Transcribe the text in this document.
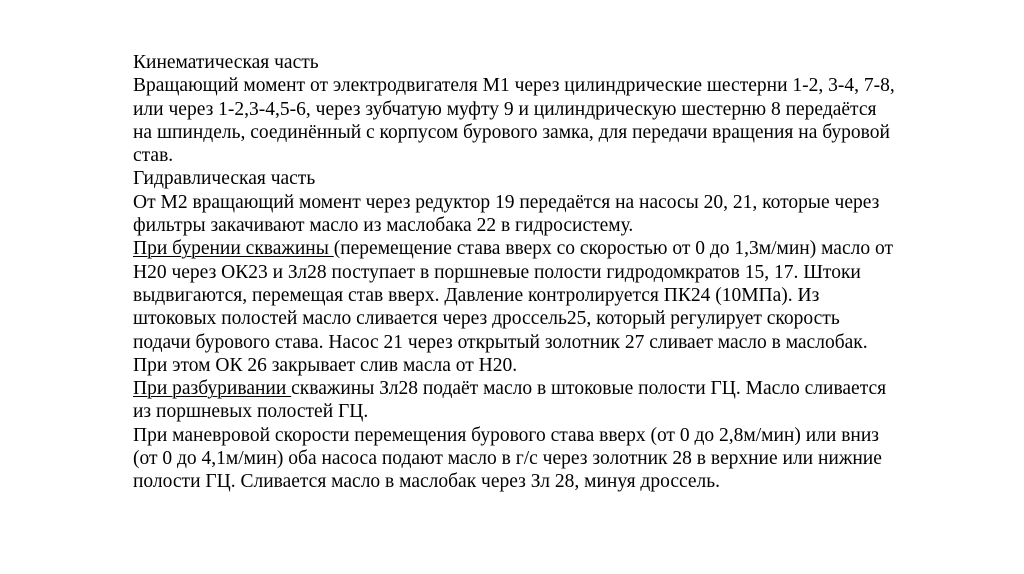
Кинематическая часть
Вращающий момент от электродвигателя М1 через цилиндрические шестерни 1-2, 3-4, 7-8,
или через 1-2,3-4,5-6, через зубчатую муфту 9 и цилиндрическую шестерню 8 передаётся
на шпиндель, соединённый с корпусом бурового замка, для передачи вращения на буровой
став.
Гидравлическая часть
От М2 вращающий момент через редуктор 19 передаётся на насосы 20, 21, которые через
фильтры закачивают масло из маслобака 22 в гидросистему.
При бурении скважины (перемещение става вверх со скоростью от 0 до 1,3м/мин) масло от
Н20 через ОК23 и Зл28 поступает в поршневые полости гидродомкратов 15, 17. Штоки
выдвигаются, перемещая став вверх. Давление контролируется ПК24 (10МПа). Из
штоковых полостей масло сливается через дроссель25, который регулирует скорость
подачи бурового става. Насос 21 через открытый золотник 27 сливает масло в маслобак.
При этом ОК 26 закрывает слив масла от Н20.
При разбуривании скважины Зл28 подаёт масло в штоковые полости ГЦ. Масло сливается
из поршневых полостей ГЦ.
При маневровой скорости перемещения бурового става вверх (от 0 до 2,8м/мин) или вниз
(от 0 до 4,1м/мин) оба насоса подают масло в г/с через золотник 28 в верхние или нижние
полости ГЦ. Сливается масло в маслобак через Зл 28, минуя дроссель.
